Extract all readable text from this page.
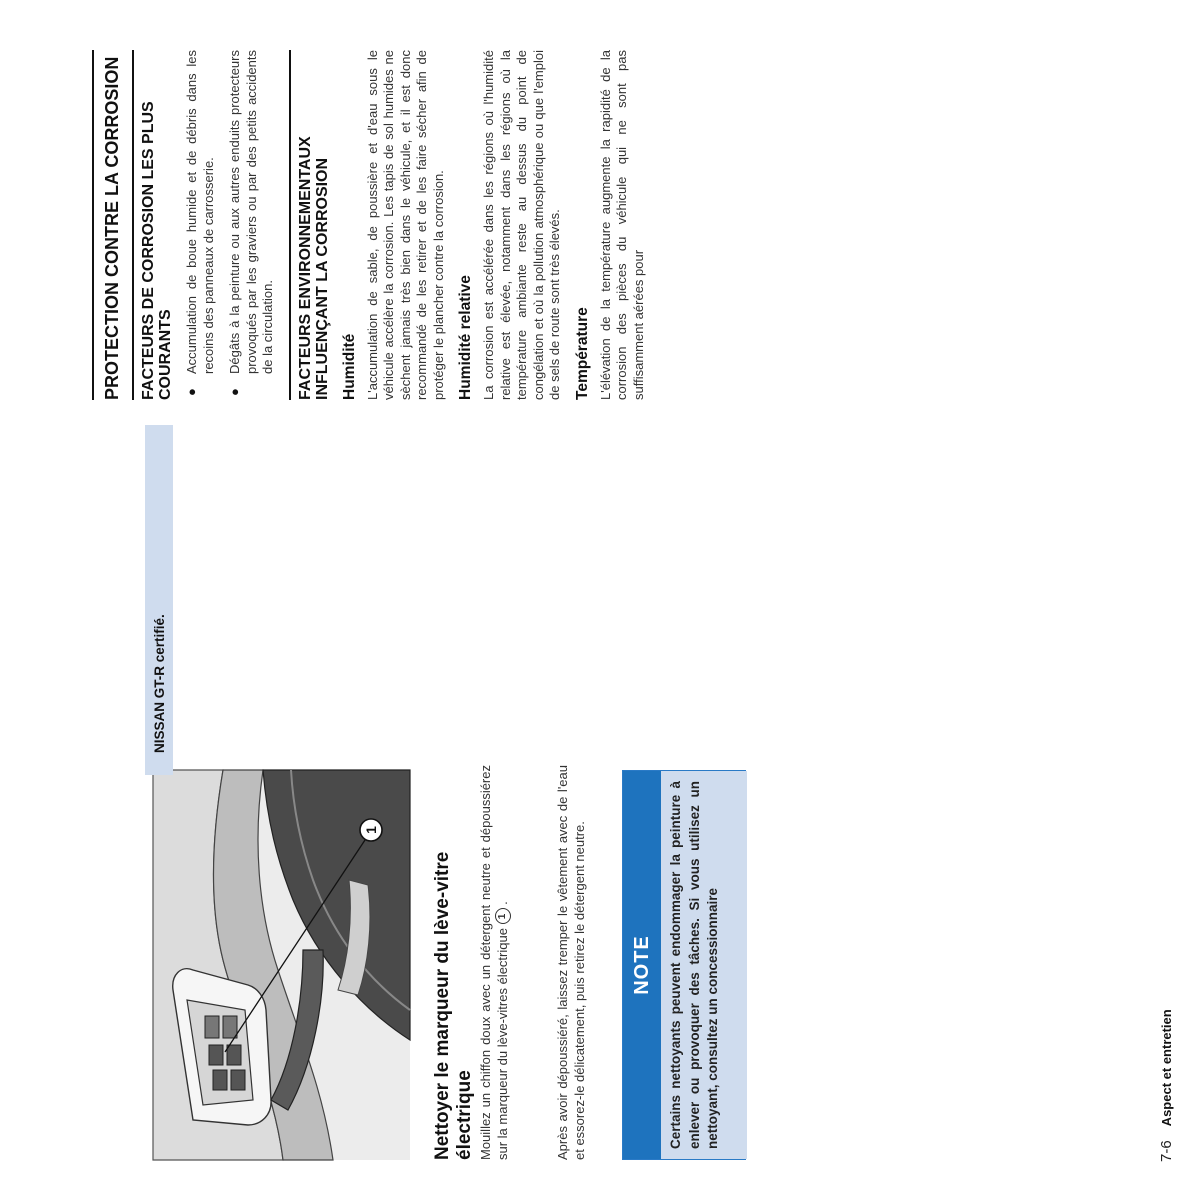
1
Nettoyer le marqueur du lève-vitre électrique Mouillez un chiffon doux avec un détergent neutre et dépoussiérez sur la marqueur du lève-vitres électrique 1 .	Après avoir dépoussiéré, laissez tremper le vêtement avec de l'eau et essorez-le délicatement, puis retirez le détergent neutre.	NOTE	Certains nettoyants peuvent endommager la peinture à enlever ou provoquer des tâches. Si vous utilisez un nettoyant, consultez un concessionnaire
NISSAN GT-R certifié.
PROTECTION CONTRE LA CORROSION	FACTEURS DE CORROSION LES PLUS COURANTS ●
Accumulation de boue humide et de débris dans les recoins des panneaux de carrosserie.
●
Dégâts à la peinture ou aux autres enduits protecteurs provoqués par les graviers ou par des petits accidents de la circulation.	FACTEURS ENVIRONNEMENTAUX INFLUENÇANT LA CORROSION Humidité L'accumulation de sable, de poussière et d'eau sous le véhicule accélère la corrosion. Les tapis de sol humides ne sèchent jamais très bien dans le véhicule, et il est donc recommandé de les retirer et de les faire sécher afin de protéger le plancher contre la corrosion. Humidité relative La corrosion est accélérée dans les régions où l'humidité relative est élevée, notamment dans les régions où la température ambiante reste au dessus du point de congélation et où la pollution atmosphérique ou que l'emploi de sels de route sont très élevés. Température L'élévation de la température augmente la rapidité de la corrosion des pièces du véhicule qui ne sont pas suffisamment aérées pour

7-6
Aspect et entretien
